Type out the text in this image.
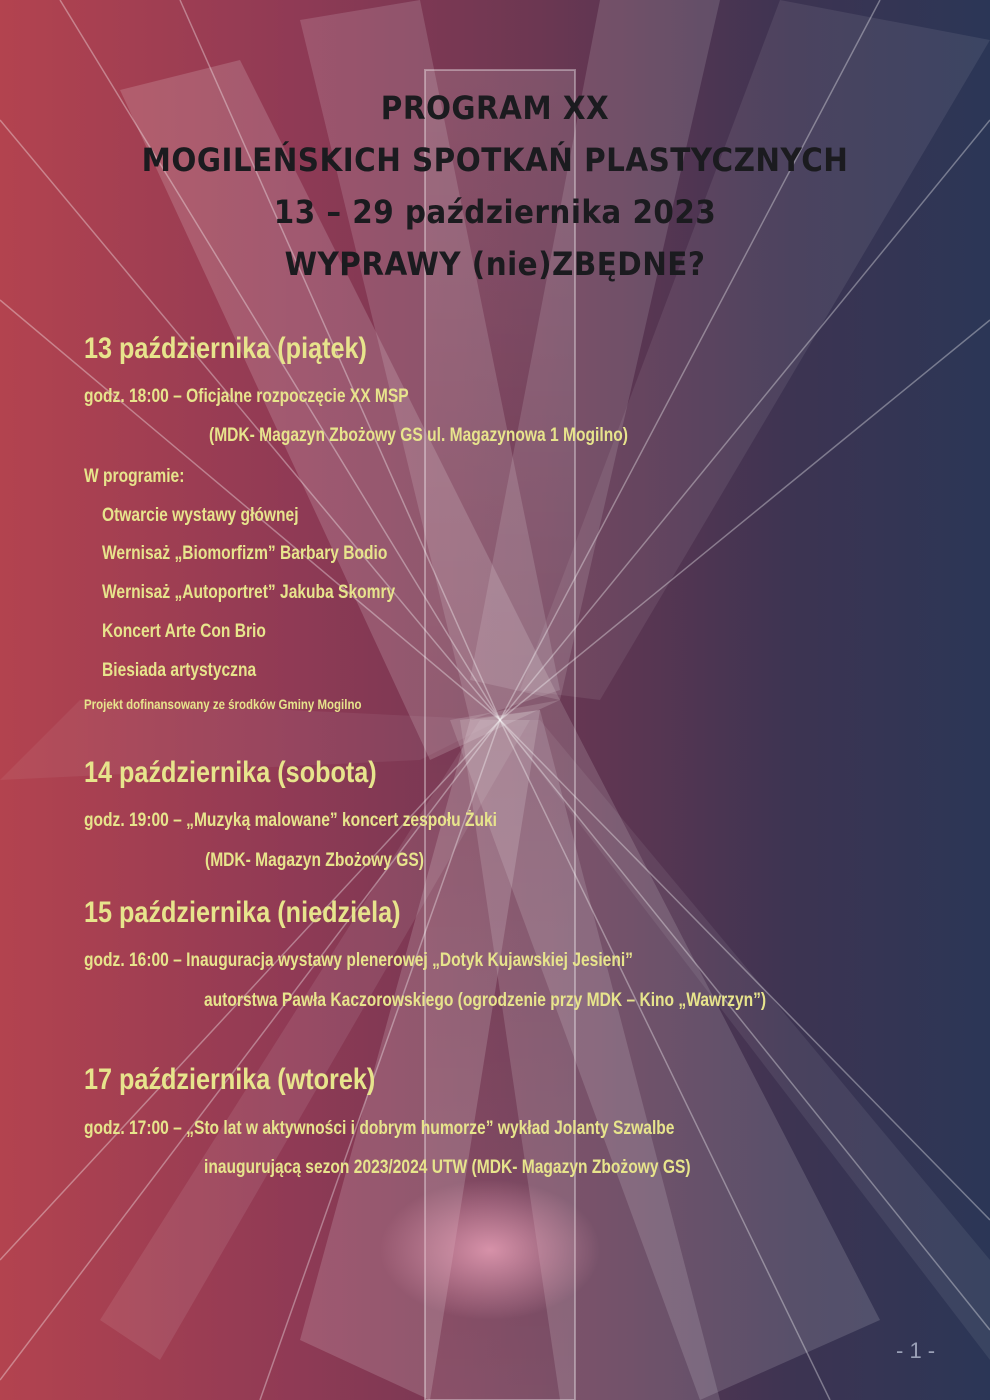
PROGRAM XX
MOGILEŃSKICH SPOTKAŃ PLASTYCZNYCH
13 – 29 października 2023
WYPRAWY (nie)ZBĘDNE?
13 października (piątek)
godz. 18:00 – Oficjalne rozpoczęcie XX MSP
(MDK- Magazyn Zbożowy GS ul. Magazynowa 1 Mogilno)
W programie:
Otwarcie wystawy głównej
Wernisaż „Biomorfizm” Barbary Bodio
Wernisaż „Autoportret” Jakuba Skomry
Koncert Arte Con Brio
Biesiada artystyczna
Projekt dofinansowany ze środków Gminy Mogilno
14 października (sobota)
godz. 19:00 – „Muzyką malowane” koncert zespołu Żuki
(MDK- Magazyn Zbożowy GS)
15 października (niedziela)
godz. 16:00 – Inauguracja wystawy plenerowej „Dotyk Kujawskiej Jesieni”
autorstwa Pawła Kaczorowskiego (ogrodzenie przy MDK – Kino „Wawrzyn”)
17 października (wtorek)
godz. 17:00 – „Sto lat w aktywności i dobrym humorze” wykład Jolanty Szwalbe
inaugurującą sezon 2023/2024 UTW (MDK- Magazyn Zbożowy GS)
- 1 -
